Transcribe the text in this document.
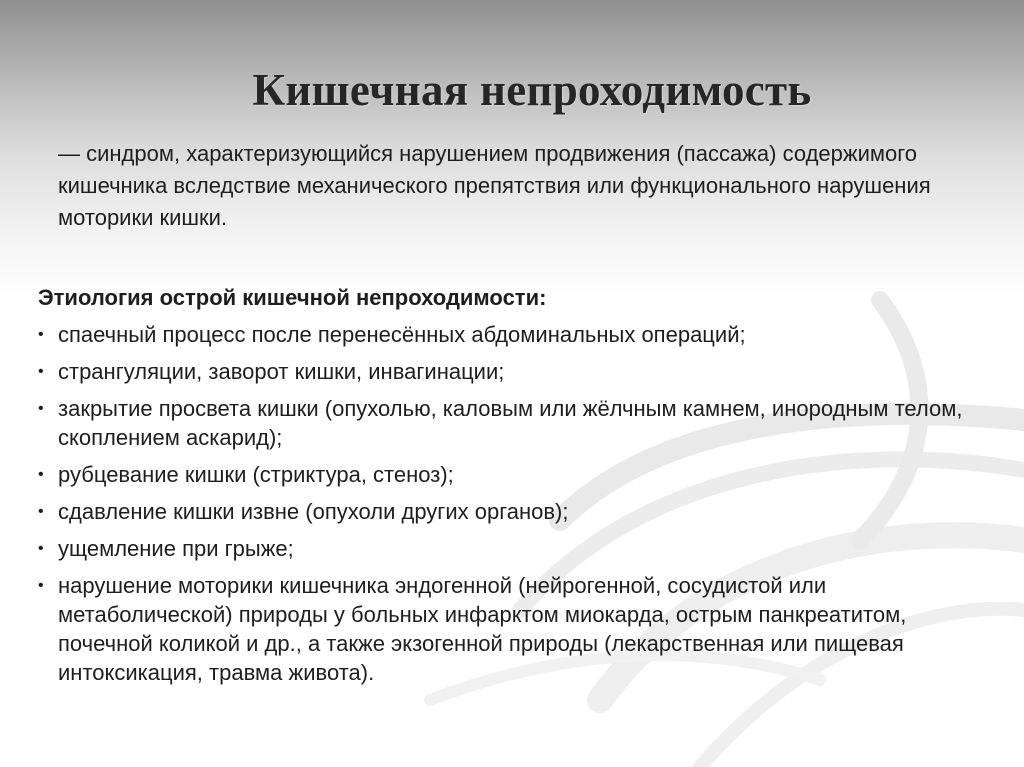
Кишечная непроходимость
— синдром, характеризующийся нарушением продвижения (пассажа) содержимого кишечника вследствие механического препятствия или функционального нарушения моторики кишки.
Этиология острой кишечной непроходимости:
• спаечный процесс после перенесённых абдоминальных операций;
• странгуляции, заворот кишки, инвагинации;
• закрытие просвета кишки (опухолью, каловым или жёлчным камнем, инородным телом, скоплением аскарид);
• рубцевание кишки (стриктура, стеноз);
• сдавление кишки извне (опухоли других органов);
• ущемление при грыже;
• нарушение моторики кишечника эндогенной (нейрогенной, сосудистой или метаболической) природы у больных инфарктом миокарда, острым панкреатитом, почечной коликой и др., а также экзогенной природы (лекарственная или пищевая интоксикация, травма живота).
